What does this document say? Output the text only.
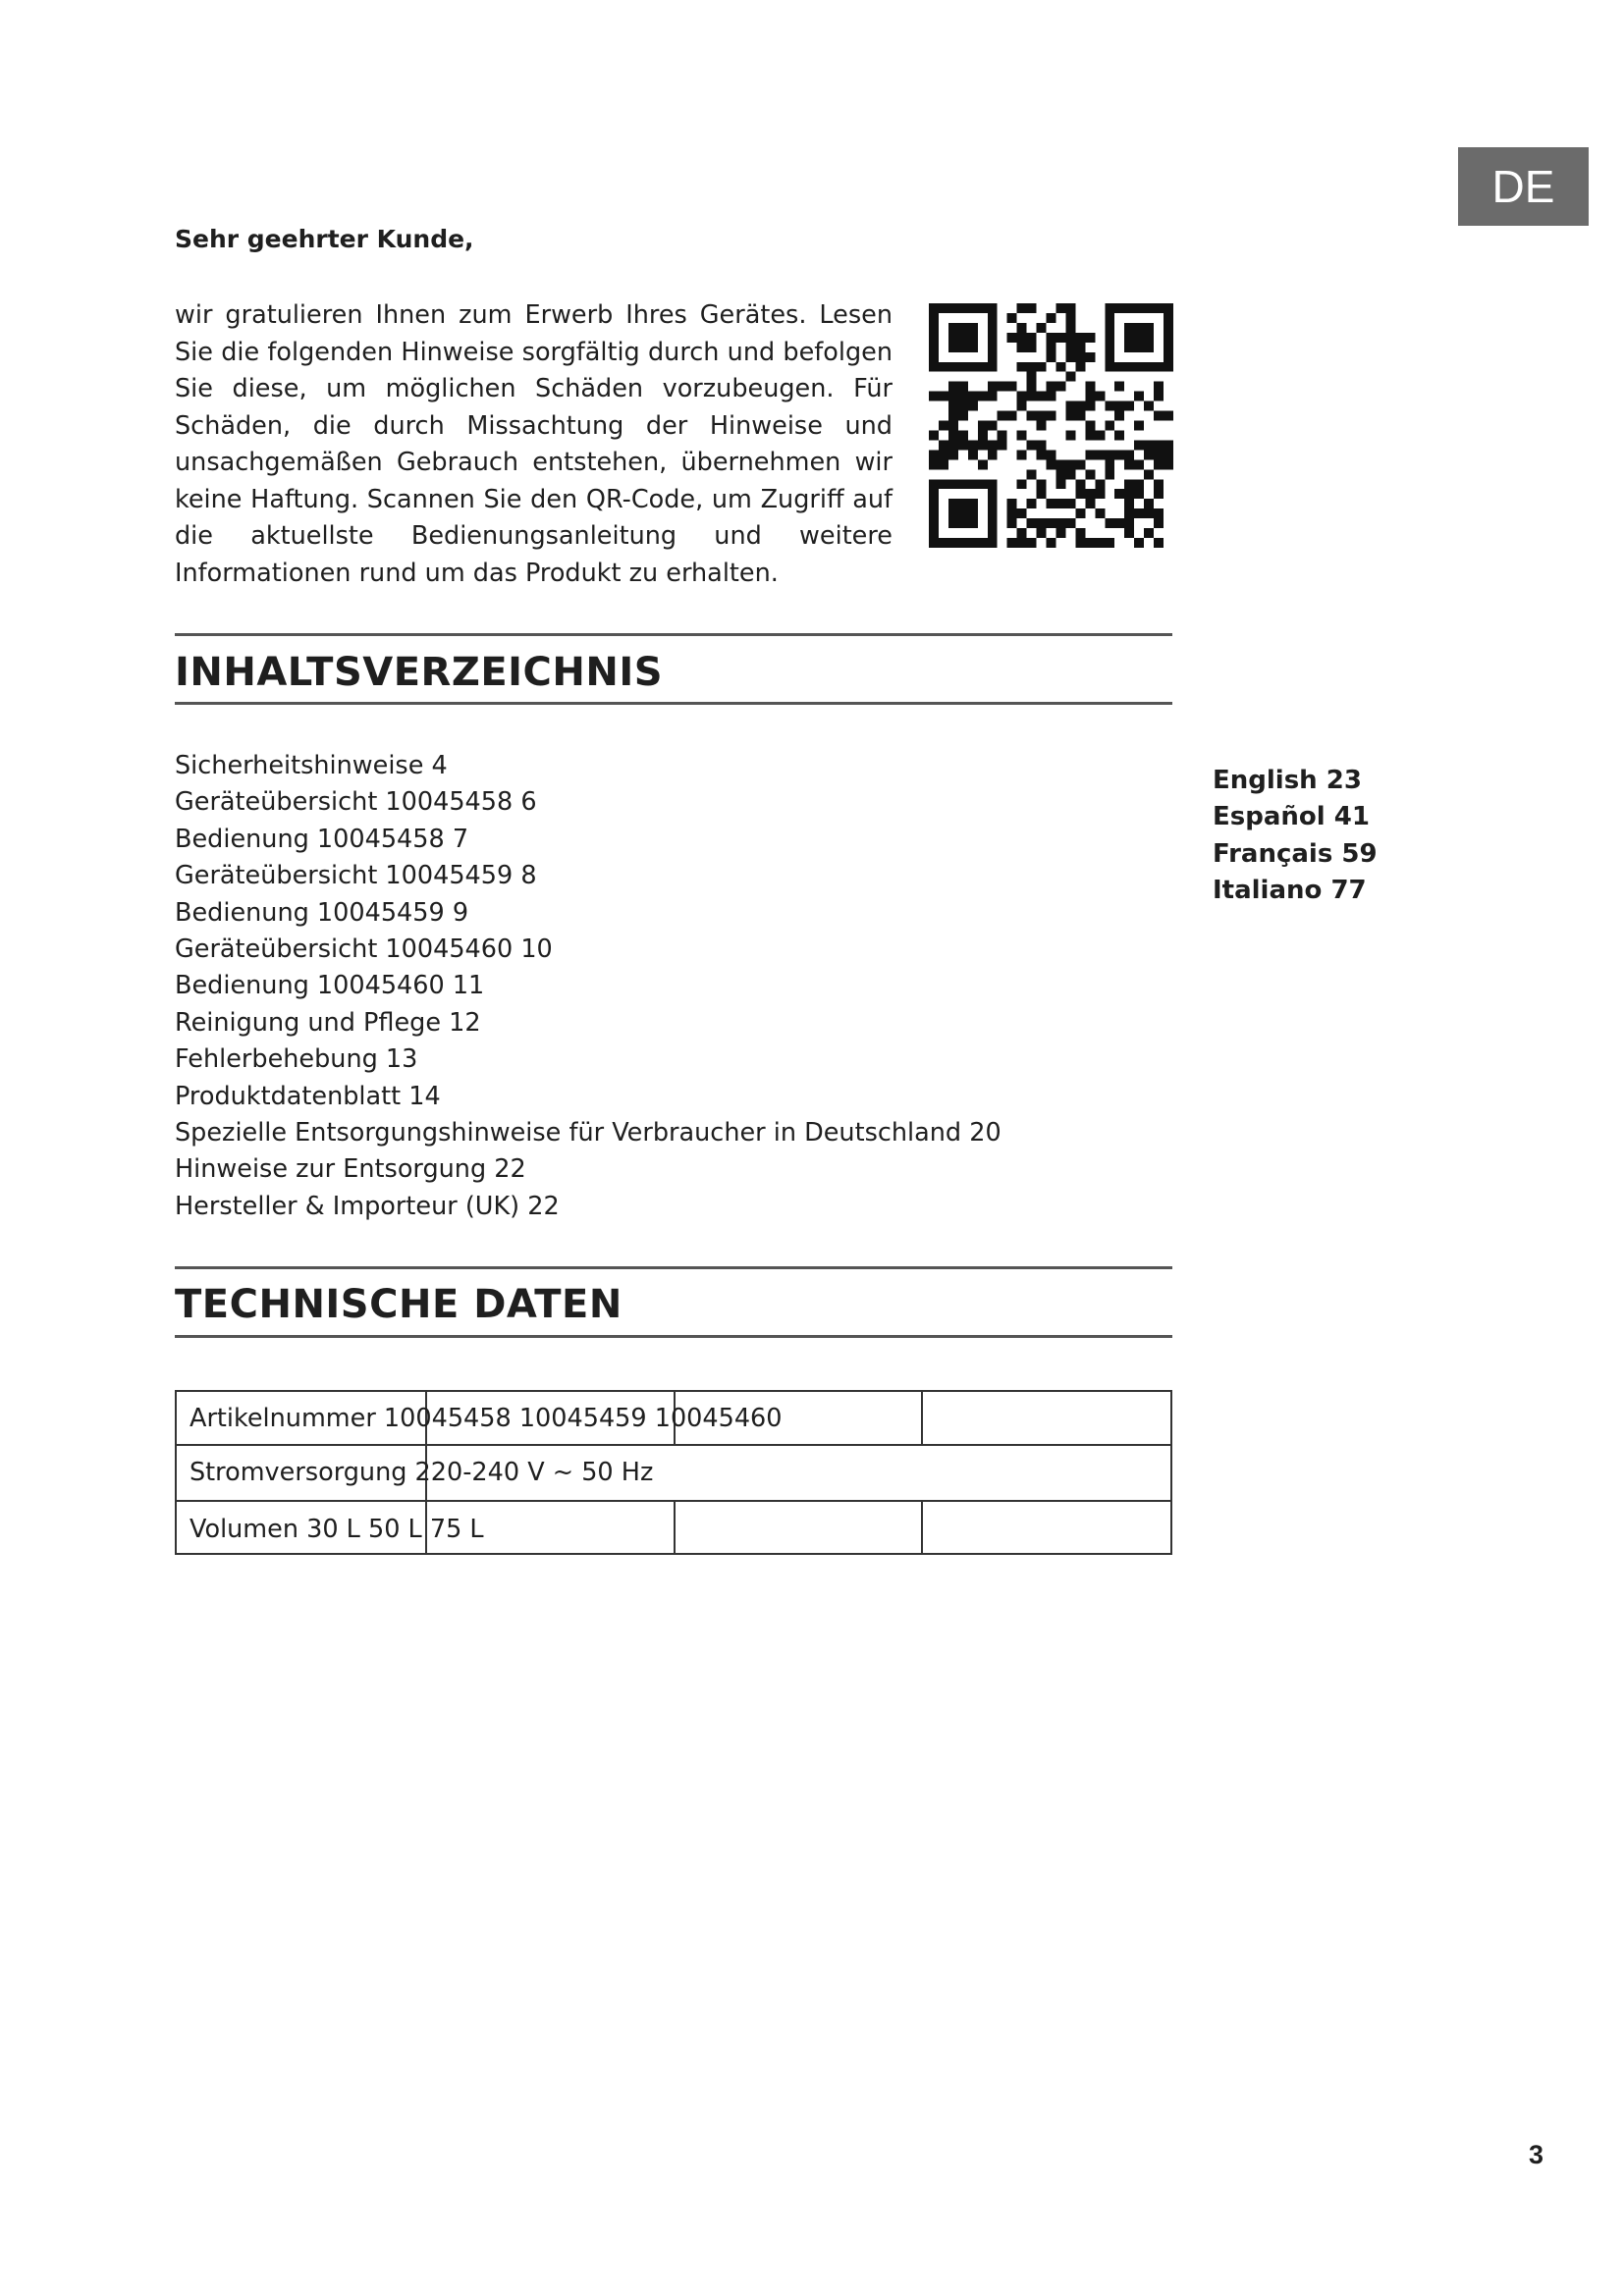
DE
Sehr geehrter Kunde,
wir gratulieren Ihnen zum Erwerb Ihres Gerätes. Lesen Sie die folgenden Hinweise sorgfältig durch und befolgen Sie diese, um möglichen Schäden vorzubeugen. Für Schäden, die durch Missachtung der Hinweise und unsachgemäßen Gebrauch entstehen, übernehmen wir keine Haftung. Scannen Sie den QR-Code, um Zugriff auf die aktuellste Bedienungsanleitung und weitere Informationen rund um das Produkt zu erhalten.
INHALTSVERZEICHNIS
Sicherheitshinweise 4
Geräteübersicht 10045458 6
Bedienung 10045458 7
Geräteübersicht 10045459 8
Bedienung 10045459 9
Geräteübersicht 10045460 10
Bedienung 10045460 11
Reinigung und Pflege 12
Fehlerbehebung 13
Produktdatenblatt 14
Spezielle Entsorgungshinweise für Verbraucher in Deutschland 20
Hinweise zur Entsorgung 22
Hersteller & Importeur (UK) 22
English 23
Español 41
Français 59
Italiano 77
TECHNISCHE DATEN
Artikelnummer 10045458 10045459 10045460
Stromversorgung 220-240 V ~ 50 Hz
Volumen 30 L 50 L 75 L
3
